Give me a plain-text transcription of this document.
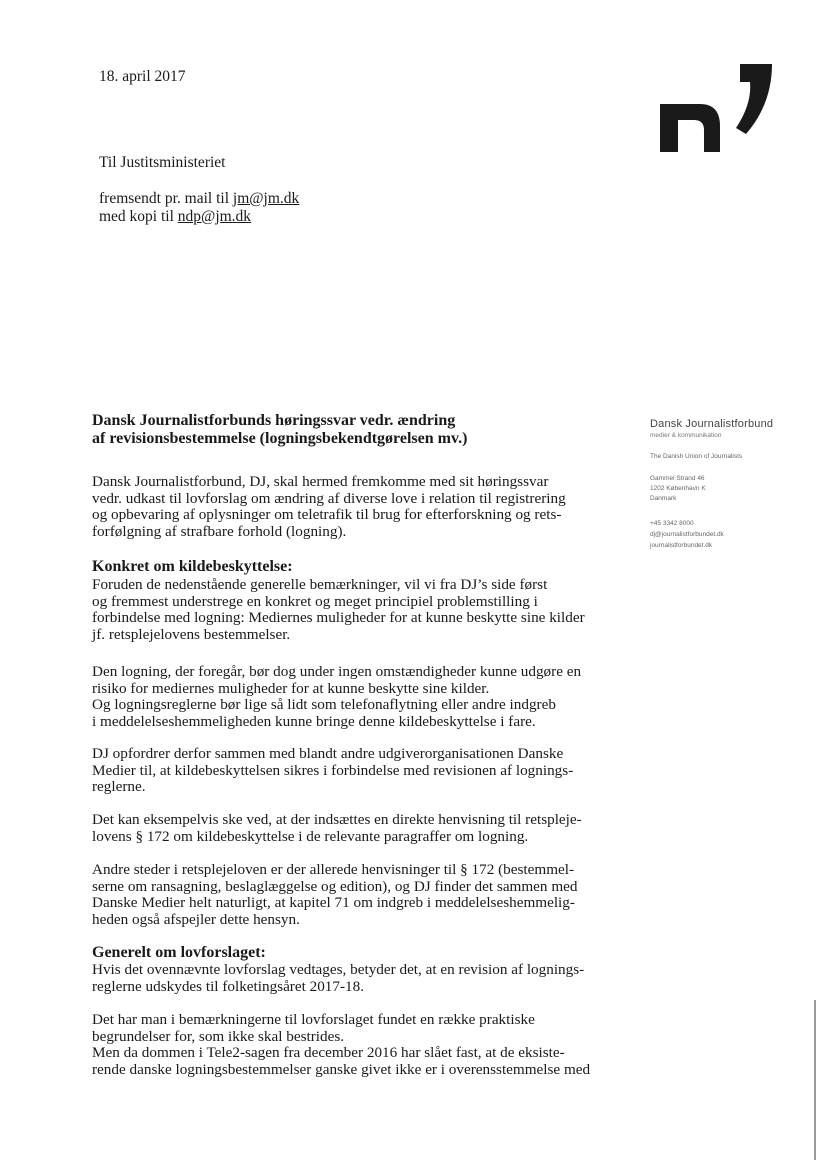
18. april 2017
Til Justitsministeriet
fremsendt pr. mail til jm@jm.dk
med kopi til ndp@jm.dk
Dansk Journalistforbund
medier & kommunikation
The Danish Union of Journalists
Gammel Strand 46
1202 København K
Danmark
+45 3342 8000
dj@journalistforbundet.dk
journalistforbundet.dk
Dansk Journalistforbunds høringssvar vedr. ændring
af revisionsbestemmelse (logningsbekendtgørelsen mv.)
Dansk Journalistforbund, DJ, skal hermed fremkomme med sit høringssvar
vedr. udkast til lovforslag om ændring af diverse love i relation til registrering
og opbevaring af oplysninger om teletrafik til brug for efterforskning og rets-
forfølgning af strafbare forhold (logning).
Konkret om kildebeskyttelse:
Foruden de nedenstående generelle bemærkninger, vil vi fra DJ’s side først
og fremmest understrege en konkret og meget principiel problemstilling i
forbindelse med logning: Mediernes muligheder for at kunne beskytte sine kilder
jf. retsplejelovens bestemmelser.
Den logning, der foregår, bør dog under ingen omstændigheder kunne udgøre en
risiko for mediernes muligheder for at kunne beskytte sine kilder.
Og logningsreglerne bør lige så lidt som telefonaflytning eller andre indgreb
i meddelelseshemmeligheden kunne bringe denne kildebeskyttelse i fare.
DJ opfordrer derfor sammen med blandt andre udgiverorganisationen Danske
Medier til, at kildebeskyttelsen sikres i forbindelse med revisionen af lognings-
reglerne.
Det kan eksempelvis ske ved, at der indsættes en direkte henvisning til retspleje-
lovens § 172 om kildebeskyttelse i de relevante paragraffer om logning.
Andre steder i retsplejeloven er der allerede henvisninger til § 172 (bestemmel-
serne om ransagning, beslaglæggelse og edition), og DJ finder det sammen med
Danske Medier helt naturligt, at kapitel 71 om indgreb i meddelelseshemmelig-
heden også afspejler dette hensyn.
Generelt om lovforslaget:
Hvis det ovennævnte lovforslag vedtages, betyder det, at en revision af lognings-
reglerne udskydes til folketingsåret 2017-18.
Det har man i bemærkningerne til lovforslaget fundet en række praktiske
begrundelser for, som ikke skal bestrides.
Men da dommen i Tele2-sagen fra december 2016 har slået fast, at de eksiste-
rende danske logningsbestemmelser ganske givet ikke er i overensstemmelse med
